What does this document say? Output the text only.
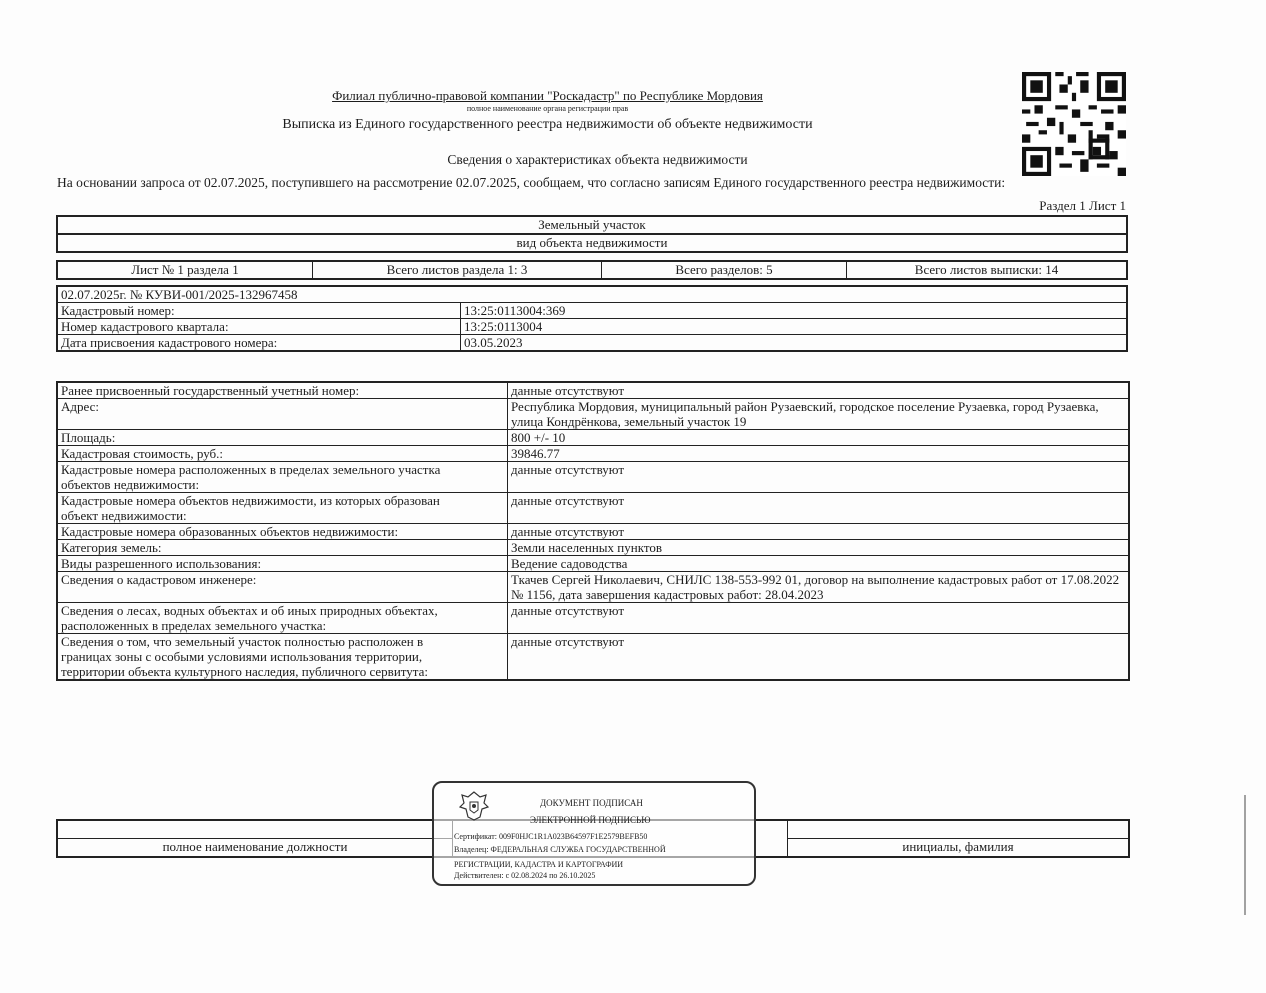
Филиал публично-правовой компании "Роскадастр" по Республике Мордовия
полное наименование органа регистрации прав
Выписка из Единого государственного реестра недвижимости об объекте недвижимости
Сведения о характеристиках объекта недвижимости
На основании запроса от 02.07.2025, поступившего на рассмотрение 02.07.2025, сообщаем, что согласно записям Единого государственного реестра недвижимости:
Раздел 1 Лист 1
Земельный участок
вид объекта недвижимости
Лист № 1 раздела 1	Всего листов раздела 1: 3	Всего разделов: 5	Всего листов выписки: 14
02.07.2025г. № КУВИ-001/2025-132967458	
Кадастровый номер:	13:25:0113004:369
Номер кадастрового квартала:	13:25:0113004
Дата присвоения кадастрового номера:	03.05.2023
Ранее присвоенный государственный учетный номер:	данные отсутствуют
Адрес:	Республика Мордовия, муниципальный район Рузаевский, городское поселение Рузаевка, город Рузаевка, улица Кондрёнкова, земельный участок 19
Площадь:	800 +/- 10
Кадастровая стоимость, руб.:	39846.77
Кадастровые номера расположенных в пределах земельного участка объектов недвижимости:	данные отсутствуют
Кадастровые номера объектов недвижимости, из которых образован объект недвижимости:	данные отсутствуют
Кадастровые номера образованных объектов недвижимости:	данные отсутствуют
Категория земель:	Земли населенных пунктов
Виды разрешенного использования:	Ведение садоводства
Сведения о кадастровом инженере:	Ткачев Сергей Николаевич, СНИЛС 138-553-992 01, договор на выполнение кадастровых работ от 17.08.2022 № 1156, дата завершения кадастровых работ: 28.04.2023
Сведения о лесах, водных объектах и об иных природных объектах, расположенных в пределах земельного участка:	данные отсутствуют
Сведения о том, что земельный участок полностью расположен в границах зоны с особыми условиями использования территории, территории объекта культурного наследия, публичного сервитута:	данные отсутствуют

полное наименование должности		инициалы, фамилия
ДОКУМЕНТ ПОДПИСАН
ЭЛЕКТРОННОЙ ПОДПИСЬЮ
Сертификат: 009F0HJC1R1A023B64597F1E2579BEFB50
Владелец: ФЕДЕРАЛЬНАЯ СЛУЖБА ГОСУДАРСТВЕННОЙ
РЕГИСТРАЦИИ, КАДАСТРА И КАРТОГРАФИИ
Действителен: с 02.08.2024 по 26.10.2025
